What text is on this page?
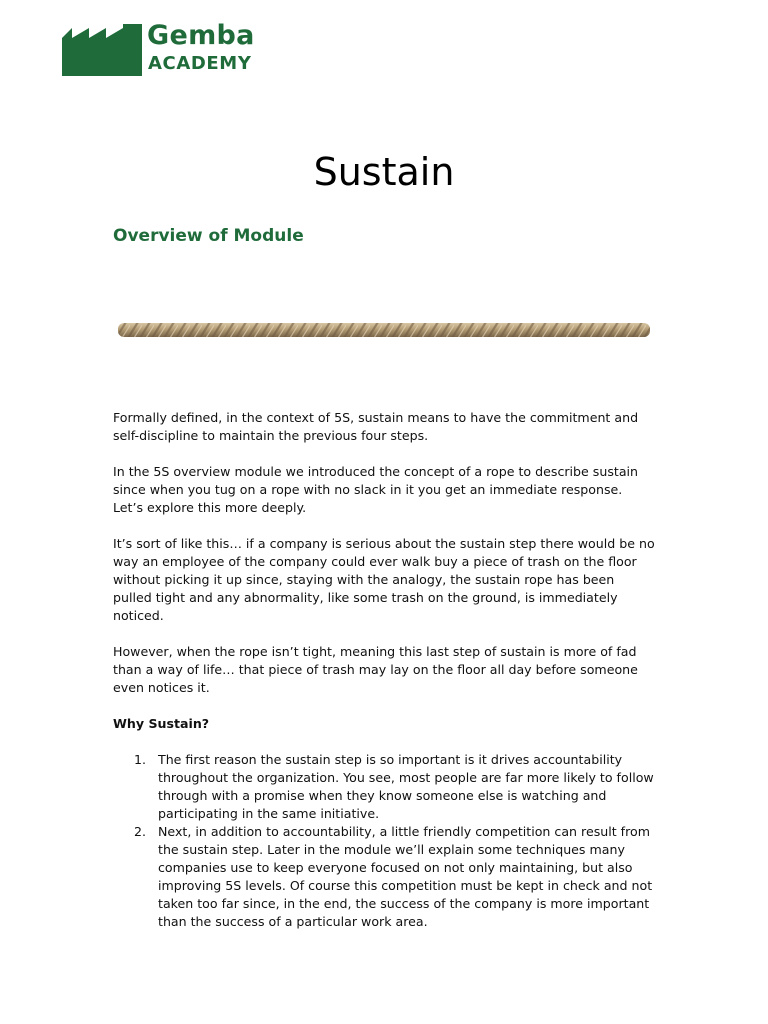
Gemba
ACADEMY
Sustain
Overview of Module

Formally defined, in the context of 5S, sustain means to have the commitment and self-discipline to maintain the previous four steps.

In the 5S overview module we introduced the concept of a rope to describe sustain since when you tug on a rope with no slack in it you get an immediate response. Let’s explore this more deeply.

It’s sort of like this… if a company is serious about the sustain step there would be no way an employee of the company could ever walk buy a piece of trash on the floor without picking it up since, staying with the analogy, the sustain rope has been pulled tight and any abnormality, like some trash on the ground, is immediately noticed.

However, when the rope isn’t tight, meaning this last step of sustain is more of fad than a way of life… that piece of trash may lay on the floor all day before someone even notices it.

Why Sustain?
1. The first reason the sustain step is so important is it drives accountability throughout the organization. You see, most people are far more likely to follow through with a promise when they know someone else is watching and participating in the same initiative.
2. Next, in addition to accountability, a little friendly competition can result from the sustain step. Later in the module we’ll explain some techniques many companies use to keep everyone focused on not only maintaining, but also improving 5S levels. Of course this competition must be kept in check and not taken too far since, in the end, the success of the company is more important than the success of a particular work area.
